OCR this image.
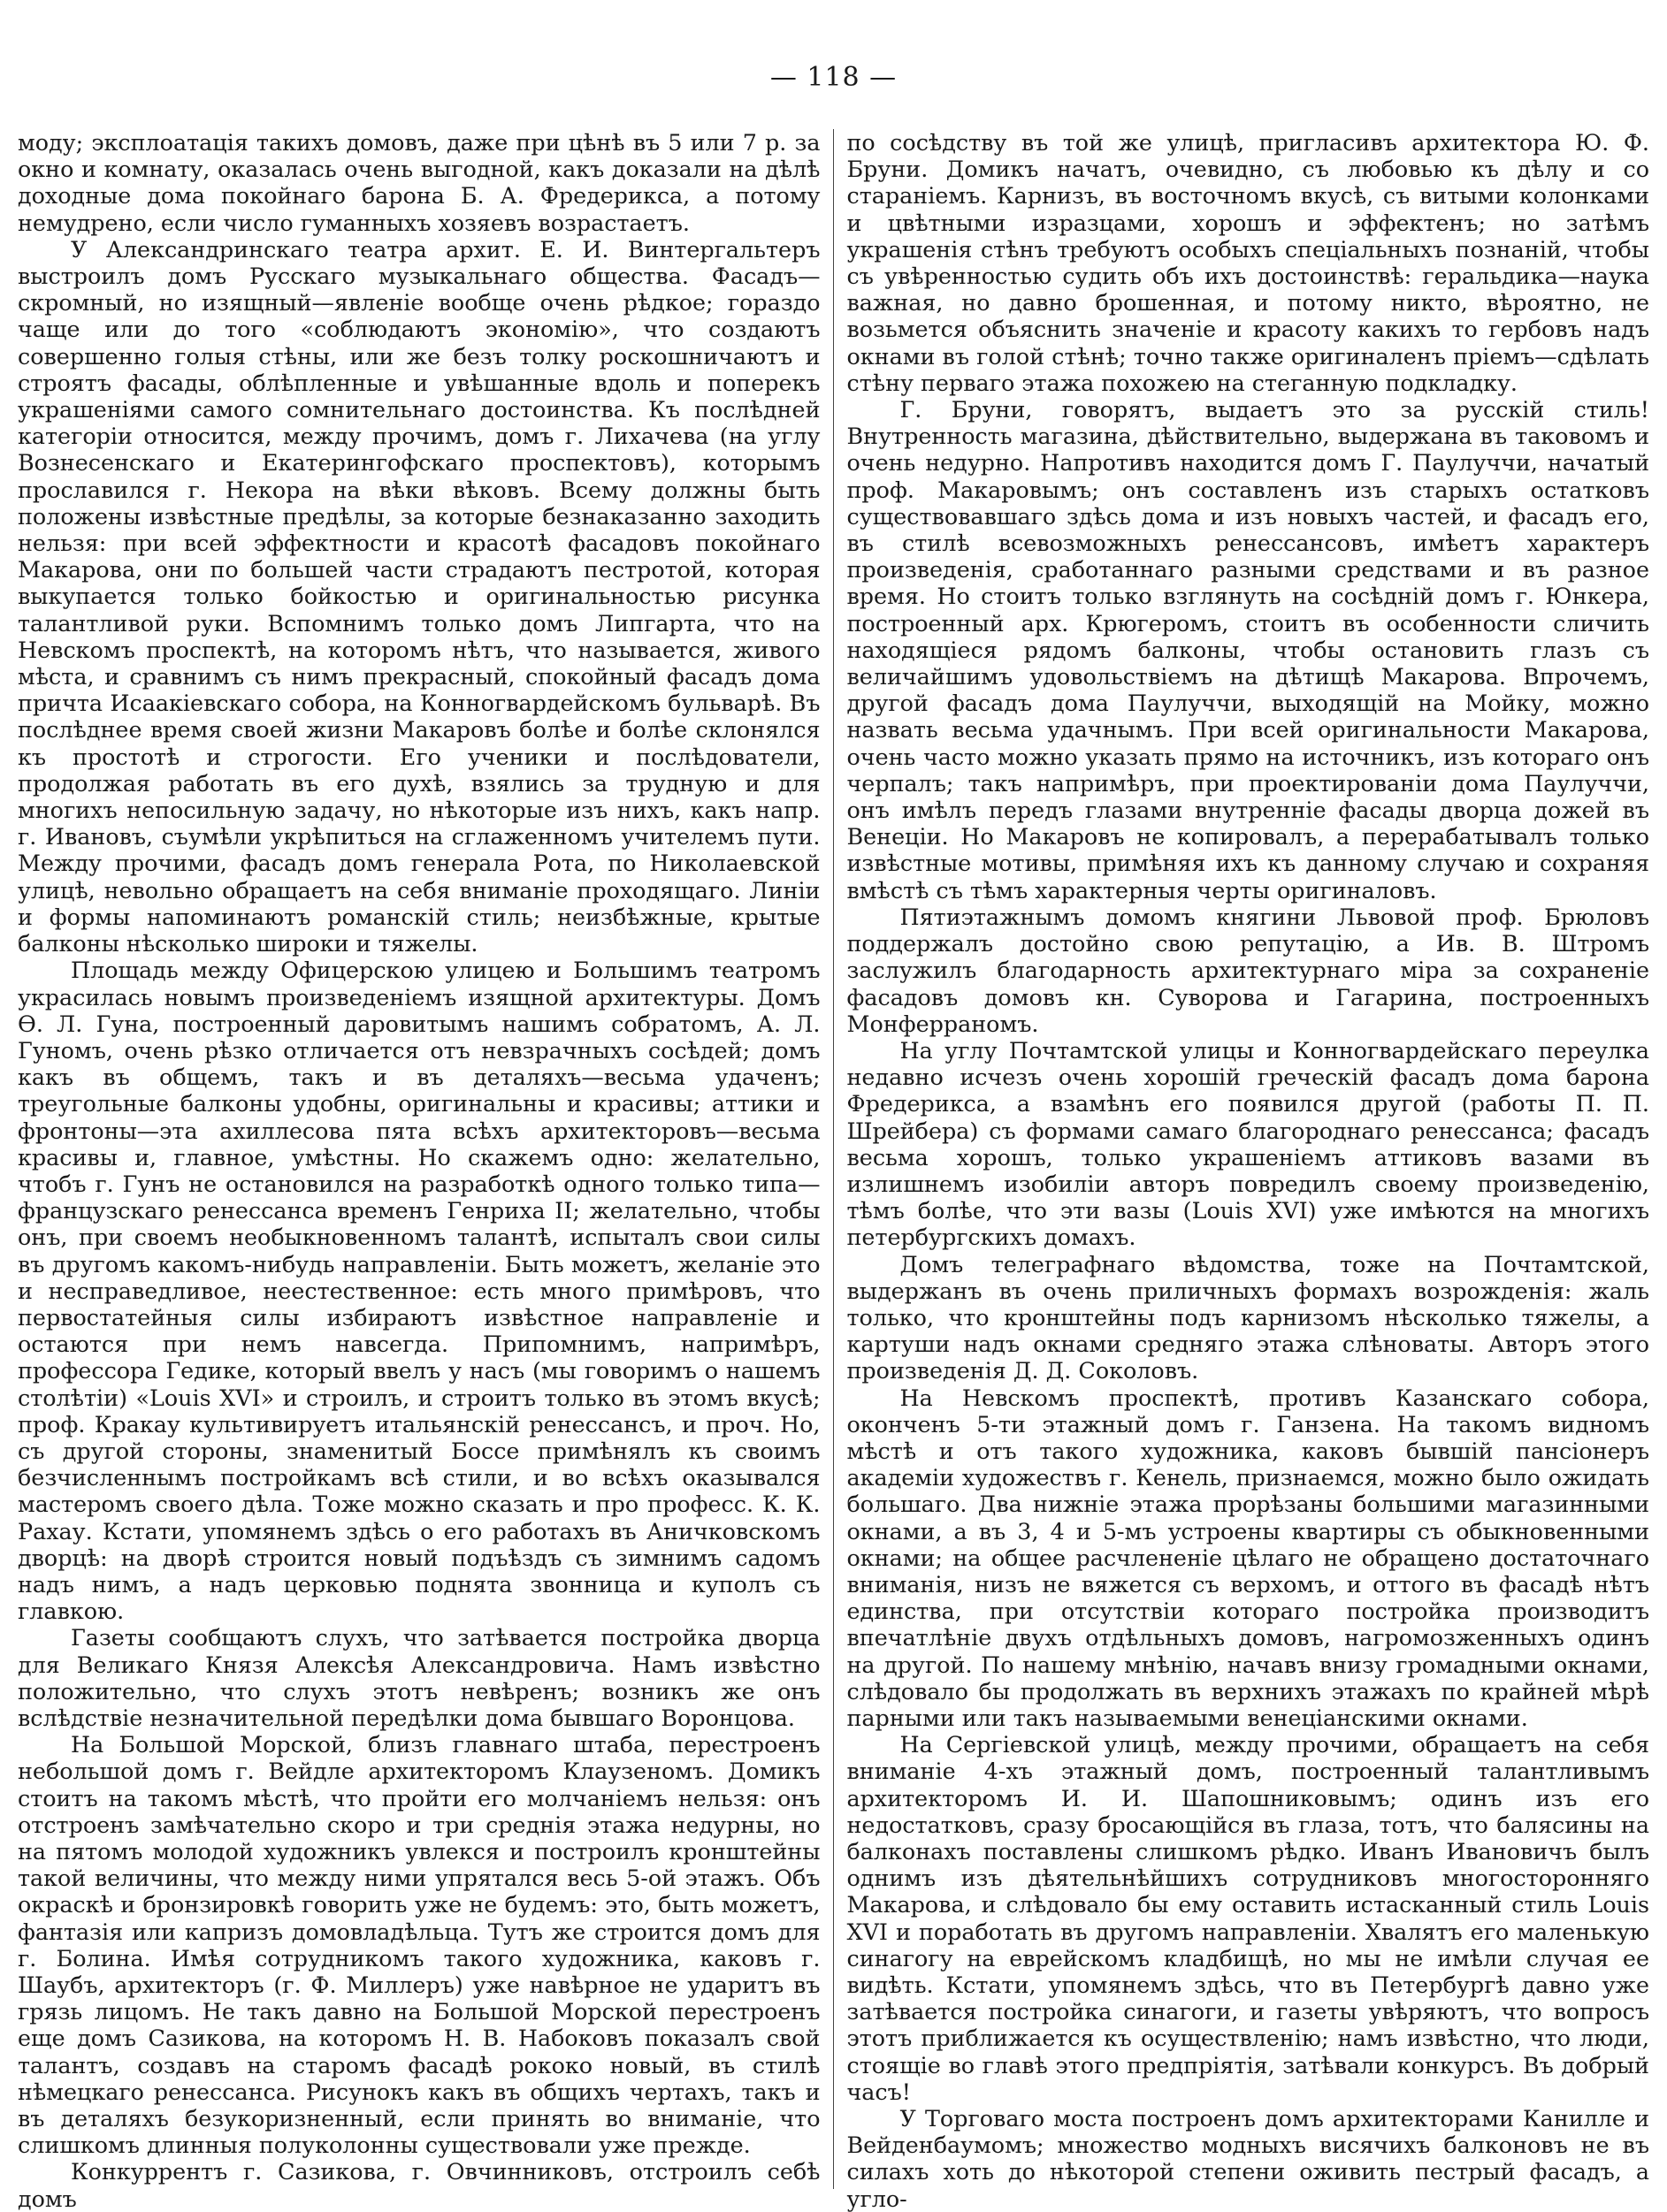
— 118 —

моду; эксплоатація такихъ домовъ, даже при цѣнѣ въ 5 или 7 р. за окно и комнату, оказалась очень выгодной, какъ доказали на дѣлѣ доходные дома покойнаго барона Б. А. Фредерикса, а потому немудрено, если число гуманныхъ хозяевъ возрастаетъ.

У Александринскаго театра архит. Е. И. Винтергальтеръ выстроилъ домъ Русскаго музыкальнаго общества. Фасадъ—скромный, но изящный—явленіе вообще очень рѣдкое; гораздо чаще или до того «соблюдаютъ экономію», что создаютъ совершенно голыя стѣны, или же безъ толку роскошничаютъ и строятъ фасады, облѣпленные и увѣшанные вдоль и поперекъ украшеніями самого сомнительнаго достоинства. Къ послѣдней категоріи относится, между прочимъ, домъ г. Лихачева (на углу Вознесенскаго и Екатерингофскаго проспектовъ), которымъ прославился г. Некора на вѣки вѣковъ. Всему должны быть положены извѣстные предѣлы, за которые безнаказанно заходить нельзя: при всей эффектности и красотѣ фасадовъ покойнаго Макарова, они по большей части страдаютъ пестротой, которая выкупается только бойкостью и оригинальностью рисунка талантливой руки. Вспомнимъ только домъ Липгарта, что на Невскомъ проспектѣ, на которомъ нѣтъ, что называется, живого мѣста, и сравнимъ съ нимъ прекрасный, спокойный фасадъ дома причта Исаакіевскаго собора, на Конногвардейскомъ бульварѣ. Въ послѣднее время своей жизни Макаровъ болѣе и болѣе склонялся къ простотѣ и строгости. Его ученики и послѣдователи, продолжая работать въ его духѣ, взялись за трудную и для многихъ непосильную задачу, но нѣкоторые изъ нихъ, какъ напр. г. Ивановъ, съумѣли укрѣпиться на сглаженномъ учителемъ пути. Между прочими, фасадъ домъ генерала Рота, по Николаевской улицѣ, невольно обращаетъ на себя вниманіе проходящаго. Линіи и формы напоминаютъ романскій стиль; неизбѣжные, крытые балконы нѣсколько широки и тяжелы.

Площадь между Офицерскою улицею и Большимъ театромъ украсилась новымъ произведеніемъ изящной архитектуры. Домъ Ѳ. Л. Гуна, построенный даровитымъ нашимъ собратомъ, А. Л. Гуномъ, очень рѣзко отличается отъ невзрачныхъ сосѣдей; домъ какъ въ общемъ, такъ и въ деталяхъ—весьма удаченъ; треугольные балконы удобны, оригинальны и красивы; аттики и фронтоны—эта ахиллесова пята всѣхъ архитекторовъ—весьма красивы и, главное, умѣстны. Но скажемъ одно: желательно, чтобъ г. Гунъ не остановился на разработкѣ одного только типа—французскаго ренессанса временъ Генриха II; желательно, чтобы онъ, при своемъ необыкновенномъ талантѣ, испыталъ свои силы въ другомъ какомъ-нибудь направленіи. Быть можетъ, желаніе это и несправедливое, неестественное: есть много примѣровъ, что первостатейныя силы избираютъ извѣстное направленіе и остаются при немъ навсегда. Припомнимъ, напримѣръ, профессора Гедике, который ввелъ у насъ (мы говоримъ о нашемъ столѣтіи) «Louis XVI» и строилъ, и строитъ только въ этомъ вкусѣ; проф. Кракау культивируетъ итальянскій ренессансъ, и проч. Но, съ другой стороны, знаменитый Боссе примѣнялъ къ своимъ безчисленнымъ постройкамъ всѣ стили, и во всѣхъ оказывался мастеромъ своего дѣла. Тоже можно сказать и про професс. К. К. Рахау. Кстати, упомянемъ здѣсь о его работахъ въ Аничковскомъ дворцѣ: на дворѣ строится новый подъѣздъ съ зимнимъ садомъ надъ нимъ, а надъ церковью поднята звонница и куполъ съ главкою.

Газеты сообщаютъ слухъ, что затѣвается постройка дворца для Великаго Князя Алексѣя Александровича. Намъ извѣстно положительно, что слухъ этотъ невѣренъ; возникъ же онъ вслѣдствіе незначительной передѣлки дома бывшаго Воронцова.

На Большой Морской, близъ главнаго штаба, перестроенъ небольшой домъ г. Вейдле архитекторомъ Клаузеномъ. Домикъ стоитъ на такомъ мѣстѣ, что пройти его молчаніемъ нельзя: онъ отстроенъ замѣчательно скоро и три среднія этажа недурны, но на пятомъ молодой художникъ увлекся и построилъ кронштейны такой величины, что между ними упрятался весь 5-ой этажъ. Объ окраскѣ и бронзировкѣ говорить уже не будемъ: это, быть можетъ, фантазія или капризъ домовладѣльца. Тутъ же строится домъ для г. Болина. Имѣя сотрудникомъ такого художника, каковъ г. Шаубъ, архитекторъ (г. Ф. Миллеръ) уже навѣрное не ударитъ въ грязь лицомъ. Не такъ давно на Большой Морской перестроенъ еще домъ Сазикова, на которомъ Н. В. Набоковъ показалъ свой талантъ, создавъ на старомъ фасадѣ рококо новый, въ стилѣ нѣмецкаго ренессанса. Рисунокъ какъ въ общихъ чертахъ, такъ и въ деталяхъ безукоризненный, если принять во вниманіе, что слишкомъ длинныя полуколонны существовали уже прежде.

Конкуррентъ г. Сазикова, г. Овчинниковъ, отстроилъ себѣ домъ

по сосѣдству въ той же улицѣ, пригласивъ архитектора Ю. Ф. Бруни. Домикъ начатъ, очевидно, съ любовью къ дѣлу и со стараніемъ. Карнизъ, въ восточномъ вкусѣ, съ витыми колонками и цвѣтными изразцами, хорошъ и эффектенъ; но затѣмъ украшенія стѣнъ требуютъ особыхъ спеціальныхъ познаній, чтобы съ увѣренностью судить объ ихъ достоинствѣ: геральдика—наука важная, но давно брошенная, и потому никто, вѣроятно, не возьмется объяснить значеніе и красоту какихъ то гербовъ надъ окнами въ голой стѣнѣ; точно также оригиналенъ пріемъ—сдѣлать стѣну перваго этажа похожею на стеганную подкладку.

Г. Бруни, говорятъ, выдаетъ это за русскій стиль! Внутренность магазина, дѣйствительно, выдержана въ таковомъ и очень недурно. Напротивъ находится домъ Г. Паулуччи, начатый проф. Макаровымъ; онъ составленъ изъ старыхъ остатковъ существовавшаго здѣсь дома и изъ новыхъ частей, и фасадъ его, въ стилѣ всевозможныхъ ренессансовъ, имѣетъ характеръ произведенія, сработаннаго разными средствами и въ разное время. Но стоитъ только взглянуть на сосѣдній домъ г. Юнкера, построенный арх. Крюгеромъ, стоитъ въ особенности сличить находящіеся рядомъ балконы, чтобы остановить глазъ съ величайшимъ удовольствіемъ на дѣтищѣ Макарова. Впрочемъ, другой фасадъ дома Паулуччи, выходящій на Мойку, можно назвать весьма удачнымъ. При всей оригинальности Макарова, очень часто можно указать прямо на источникъ, изъ котораго онъ черпалъ; такъ напримѣръ, при проектированіи дома Паулуччи, онъ имѣлъ передъ глазами внутренніе фасады дворца дожей въ Венеціи. Но Макаровъ не копировалъ, а перерабатывалъ только извѣстные мотивы, примѣняя ихъ къ данному случаю и сохраняя вмѣстѣ съ тѣмъ характерныя черты оригиналовъ.

Пятиэтажнымъ домомъ княгини Львовой проф. Брюловъ поддержалъ достойно свою репутацію, а Ив. В. Штромъ заслужилъ благодарность архитектурнаго міра за сохраненіе фасадовъ домовъ кн. Суворова и Гагарина, построенныхъ Монферраномъ.

На углу Почтамтской улицы и Конногвардейскаго переулка недавно исчезъ очень хорошій греческій фасадъ дома барона Фредерикса, а взамѣнъ его появился другой (работы П. П. Шрейбера) съ формами самаго благороднаго ренессанса; фасадъ весьма хорошъ, только украшеніемъ аттиковъ вазами въ излишнемъ изобиліи авторъ повредилъ своему произведенію, тѣмъ болѣе, что эти вазы (Louis XVI) уже имѣются на многихъ петербургскихъ домахъ.

Домъ телеграфнаго вѣдомства, тоже на Почтамтской, выдержанъ въ очень приличныхъ формахъ возрожденія: жаль только, что кронштейны подъ карнизомъ нѣсколько тяжелы, а картуши надъ окнами средняго этажа слѣноваты. Авторъ этого произведенія Д. Д. Соколовъ.

На Невскомъ проспектѣ, противъ Казанскаго собора, оконченъ 5-ти этажный домъ г. Ганзена. На такомъ видномъ мѣстѣ и отъ такого художника, каковъ бывшій пансіонеръ академіи художествъ г. Кенель, признаемся, можно было ожидать большаго. Два нижніе этажа прорѣзаны большими магазинными окнами, а въ 3, 4 и 5-мъ устроены квартиры съ обыкновенными окнами; на общее расчлененіе цѣлаго не обращено достаточнаго вниманія, низъ не вяжется съ верхомъ, и оттого въ фасадѣ нѣтъ единства, при отсутствіи котораго постройка производитъ впечатлѣніе двухъ отдѣльныхъ домовъ, нагромозженныхъ одинъ на другой. По нашему мнѣнію, начавъ внизу громадными окнами, слѣдовало бы продолжать въ верхнихъ этажахъ по крайней мѣрѣ парными или такъ называемыми венеціанскими окнами.

На Сергіевской улицѣ, между прочими, обращаетъ на себя вниманіе 4-хъ этажный домъ, построенный талантливымъ архитекторомъ И. И. Шапошниковымъ; одинъ изъ его недостатковъ, сразу бросающійся въ глаза, тотъ, что балясины на балконахъ поставлены слишкомъ рѣдко. Иванъ Ивановичъ былъ однимъ изъ дѣятельнѣйшихъ сотрудниковъ многосторонняго Макарова, и слѣдовало бы ему оставить истасканный стиль Louis XVI и поработать въ другомъ направленіи. Хвалятъ его маленькую синагогу на еврейскомъ кладбищѣ, но мы не имѣли случая ее видѣть. Кстати, упомянемъ здѣсь, что въ Петербургѣ давно уже затѣвается постройка синагоги, и газеты увѣряютъ, что вопросъ этотъ приближается къ осуществленію; намъ извѣстно, что люди, стоящіе во главѣ этого предпріятія, затѣвали конкурсъ. Въ добрый часъ!

У Торговаго моста построенъ домъ архитекторами Канилле и Вейденбаумомъ; множество модныхъ висячихъ балконовъ не въ силахъ хоть до нѣкоторой степени оживить пестрый фасадъ, а угло-
